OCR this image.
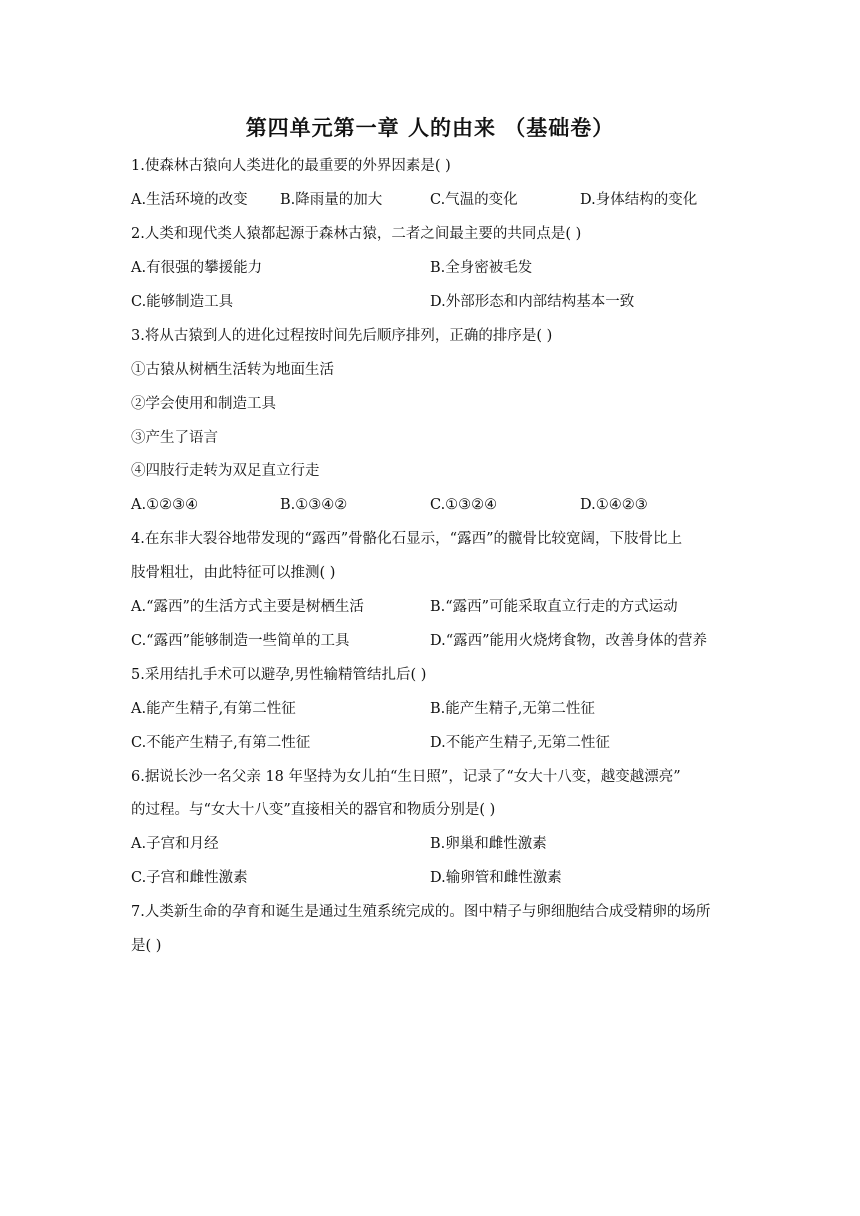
第四单元第一章 人的由来 （基础卷）
1.使森林古猿向人类进化的最重要的外界因素是( )
A.生活环境的改变 B.降雨量的加大	C.气温的变化	D.身体结构的变化
2.人类和现代类人猿都起源于森林古猿，二者之间最主要的共同点是( )
A.有很强的攀援能力	B.全身密被毛发
C.能够制造工具	D.外部形态和内部结构基本一致
3.将从古猿到人的进化过程按时间先后顺序排列，正确的排序是( )
①古猿从树栖生活转为地面生活
②学会使用和制造工具
③产生了语言
④四肢行走转为双足直立行走
A.①②③④	B.①③④②	C.①③②④	D.①④②③
4.在东非大裂谷地带发现的“露西”骨骼化石显示，“露西”的髋骨比较宽阔，下肢骨比上
肢骨粗壮，由此特征可以推测( )
A.“露西”的生活方式主要是树栖生活	B.“露西”可能采取直立行走的方式运动
C.“露西”能够制造一些简单的工具	D.“露西”能用火烧烤食物，改善身体的营养
5.采用结扎手术可以避孕,男性输精管结扎后( )
A.能产生精子,有第二性征	B.能产生精子,无第二性征
C.不能产生精子,有第二性征	D.不能产生精子,无第二性征
6.据说长沙一名父亲 18 年坚持为女儿拍“生日照”，记录了“女大十八变，越变越漂亮”
的过程。与“女大十八变”直接相关的器官和物质分别是( )
A.子宫和月经	B.卵巢和雌性激素
C.子宫和雌性激素	D.输卵管和雌性激素
7.人类新生命的孕育和诞生是通过生殖系统完成的。图中精子与卵细胞结合成受精卵的场所
是( )
